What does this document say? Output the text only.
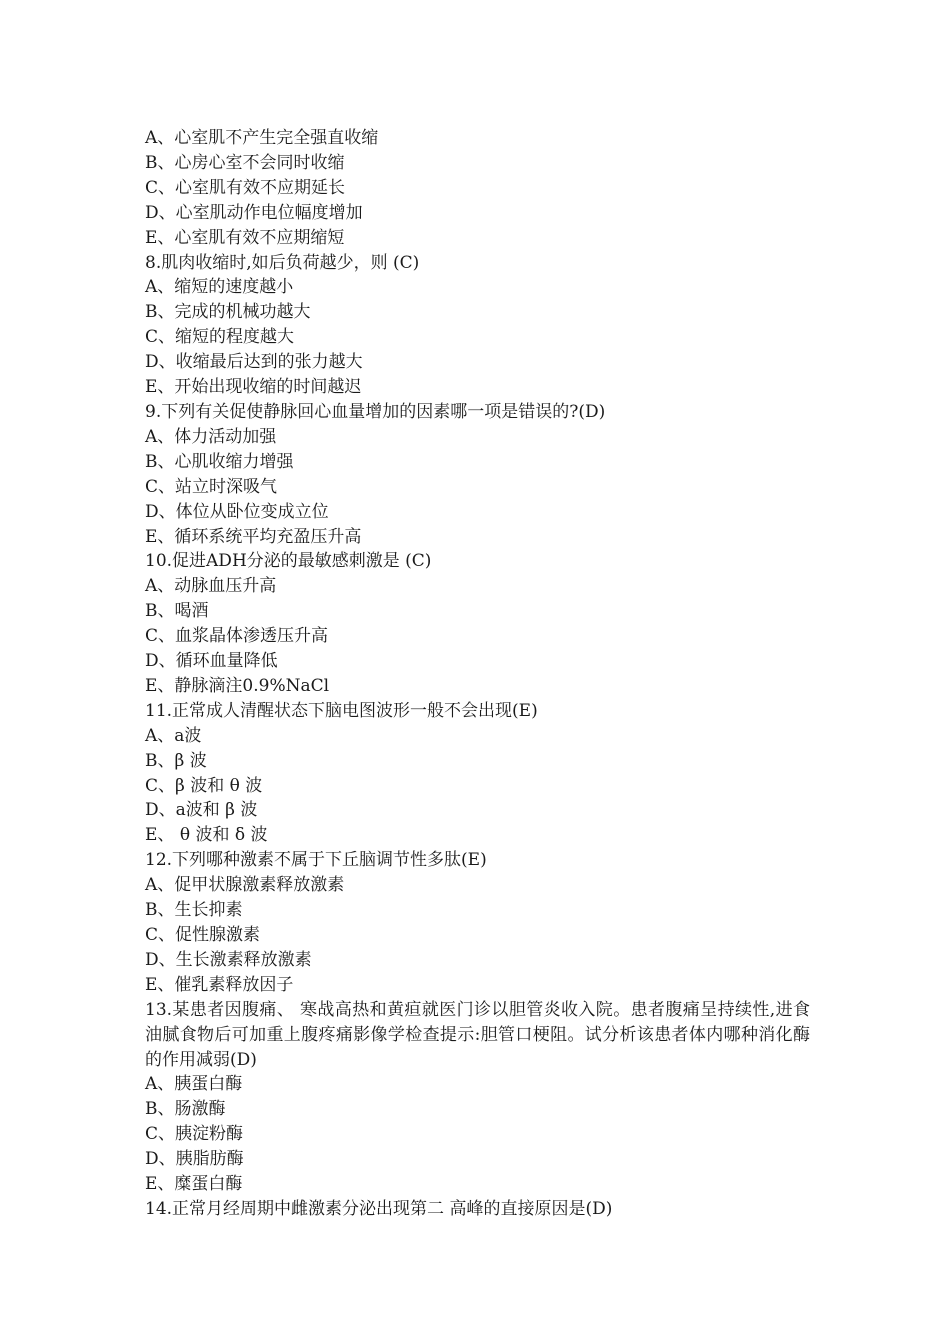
A、心室肌不产生完全强直收缩
B、心房心室不会同时收缩
C、心室肌有效不应期延长
D、心室肌动作电位幅度增加
E、心室肌有效不应期缩短
8.肌肉收缩时,如后负荷越少，则 (C)
A、缩短的速度越小
B、完成的机械功越大
C、缩短的程度越大
D、收缩最后达到的张力越大
E、开始出现收缩的时间越迟
9.下列有关促使静脉回心血量增加的因素哪一项是错误的?(D)
A、体力活动加强
B、心肌收缩力增强
C、站立时深吸气
D、体位从卧位变成立位
E、循环系统平均充盈压升高
10.促进ADH分泌的最敏感刺激是 (C)
A、动脉血压升高
B、喝酒
C、血浆晶体渗透压升高
D、循环血量降低
E、静脉滴注0.9%NaCl
11.正常成人清醒状态下脑电图波形一般不会出现(E)
A、a波
B、β 波
C、β 波和 θ 波
D、a波和 β 波
E、 θ 波和 δ 波
12.下列哪种激素不属于下丘脑调节性多肽(E)
A、促甲状腺激素释放激素
B、生长抑素
C、促性腺激素
D、生长激素释放激素
E、催乳素释放因子
13.某患者因腹痛、 寒战高热和黄疸就医门诊以胆管炎收入院。患者腹痛呈持续性,进食油腻食物后可加重上腹疼痛影像学检查提示:胆管口梗阻。试分析该患者体内哪种消化酶的作用减弱(D)
A、胰蛋白酶
B、肠激酶
C、胰淀粉酶
D、胰脂肪酶
E、糜蛋白酶
14.正常月经周期中雌激素分泌出现第二 高峰的直接原因是(D)
